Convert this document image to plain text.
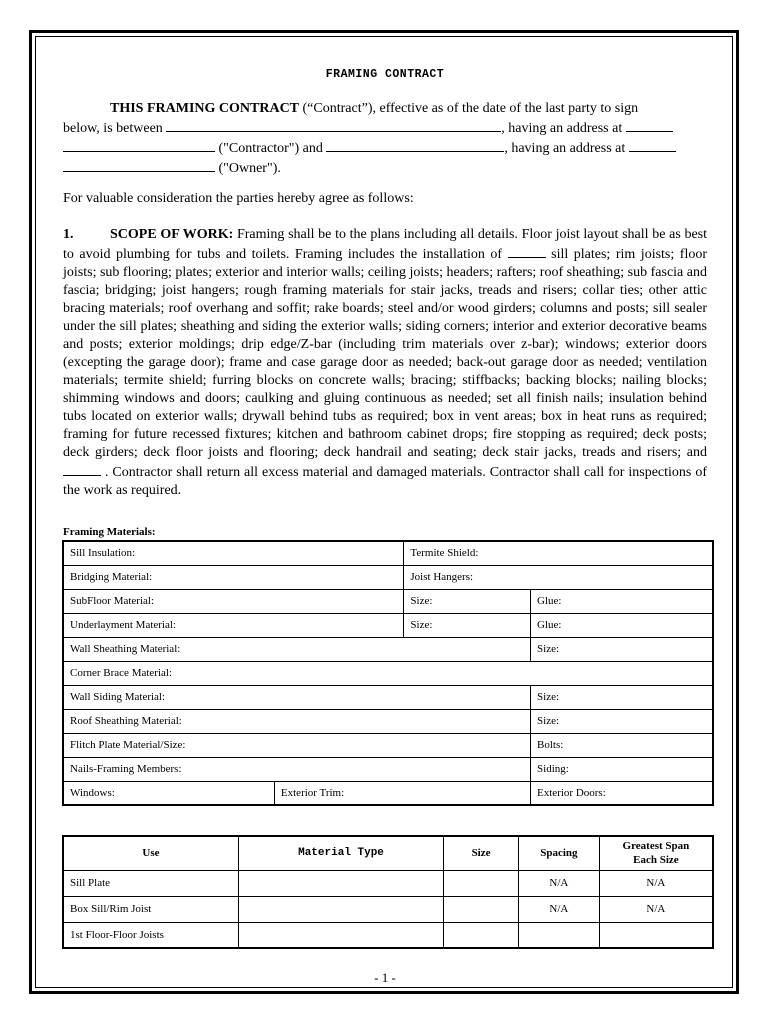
FRAMING CONTRACT
THIS FRAMING CONTRACT (“Contract”), effective as of the date of the last party to sign
below, is between	, having an address at
("Contractor") and	, having an address at
("Owner").
For valuable consideration the parties hereby agree as follows:
1.	SCOPE OF WORK: Framing shall be to the plans including all details. Floor joist layout shall be as best to avoid plumbing for tubs and toilets. Framing includes the installation of	sill plates; rim joists; floor joists; sub flooring; plates; exterior and interior walls; ceiling joists; headers; rafters; roof sheathing; sub fascia and fascia; bridging; joist hangers; rough framing materials for stair jacks, treads and risers; collar ties; other attic bracing materials; roof overhang and soffit; rake boards; steel and/or wood girders; columns and posts; sill sealer under the sill plates; sheathing and siding the exterior walls; siding corners; interior and exterior decorative beams and posts; exterior moldings; drip edge/Z-bar (including trim materials over z-bar); windows; exterior doors (excepting the garage door); frame and case garage door as needed; back-out garage door as needed; ventilation materials; termite shield; furring blocks on concrete walls; bracing; stiffbacks; backing blocks; nailing blocks; shimming windows and doors; caulking and gluing continuous as needed; set all finish nails; insulation behind tubs located on exterior walls; drywall behind tubs as required; box in vent areas; box in heat runs as required; framing for future recessed fixtures; kitchen and bathroom cabinet drops; fire stopping as required; deck posts; deck girders; deck floor joists and flooring; deck handrail and seating; deck stair jacks, treads and risers; and  . Contractor shall return all excess material and damaged materials. Contractor shall call for inspections of the work as required.
Framing Materials:
Sill Insulation:		Termite Shield:	
Bridging Material:		Joist Hangers:	
SubFloor Material:		Size:	Glue:
Underlayment Material:		Size:	Glue:
Wall Sheathing Material:			Size:
Corner Brace Material:			
Wall Siding Material:			Size:
Roof Sheathing Material:			Size:
Flitch Plate Material/Size:			Bolts:
Nails-Framing Members:			Siding:
Windows:	Exterior Trim:		Exterior Doors:
Use	Material Type	Size	Spacing	Greatest Span
Each Size
Sill Plate			N/A	N/A
Box Sill/Rim Joist			N/A	N/A
1st Floor-Floor Joists				
- 1 -
